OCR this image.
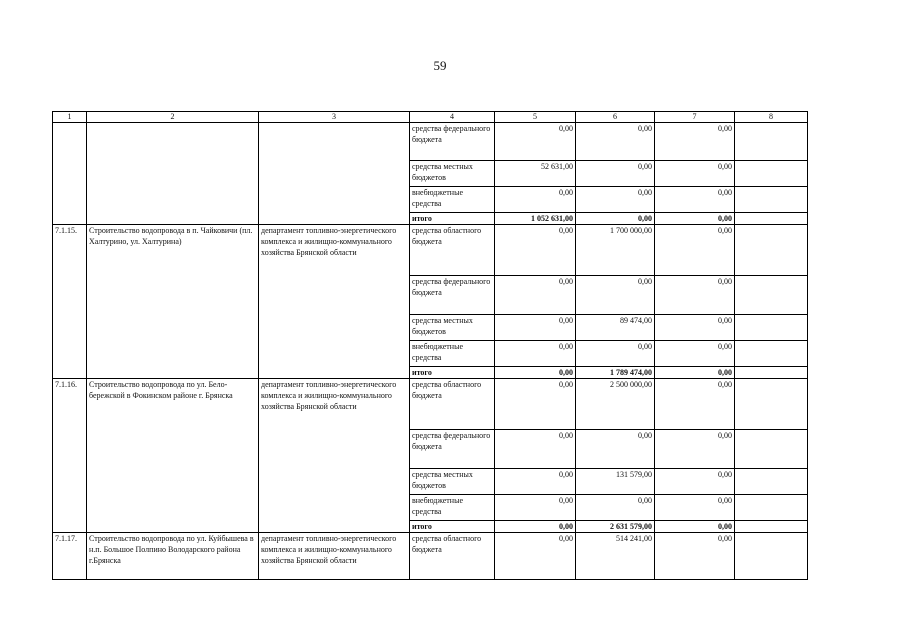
59
1	2	3	4	5	6	7	8
			средства федерального бюджета	0,00	0,00	0,00	
			средства местных бюджетов	52 631,00	0,00	0,00	
			внебюджетные средства	0,00	0,00	0,00	
			итого	1 052 631,00	0,00	0,00	
7.1.15.	Строительство водопровода в п. Чайковичи (пл. Халтурино, ул. Халтурина)	департамент топливно-энергетического комплекса и жилищно-коммунального хозяйства Брянской области	средства областного бюджета	0,00	1 700 000,00	0,00	
			средства федерального бюджета	0,00	0,00	0,00	
			средства местных бюджетов	0,00	89 474,00	0,00	
			внебюджетные средства	0,00	0,00	0,00	
			итого	0,00	1 789 474,00	0,00	
7.1.16.	Строительство водопровода по ул. Бело-бережской в Фокинском районе г. Брянска	департамент топливно-энергетического комплекса и жилищно-коммунального хозяйства Брянской области	средства областного бюджета	0,00	2 500 000,00	0,00	
			средства федерального бюджета	0,00	0,00	0,00	
			средства местных бюджетов	0,00	131 579,00	0,00	
			внебюджетные средства	0,00	0,00	0,00	
			итого	0,00	2 631 579,00	0,00	
7.1.17.	Строительство водопровода по ул. Куйбышева в н.п. Большое Полпино Володарского района г.Брянска	департамент топливно-энергетического комплекса и жилищно-коммунального хозяйства Брянской области	средства областного бюджета	0,00	514 241,00	0,00	
